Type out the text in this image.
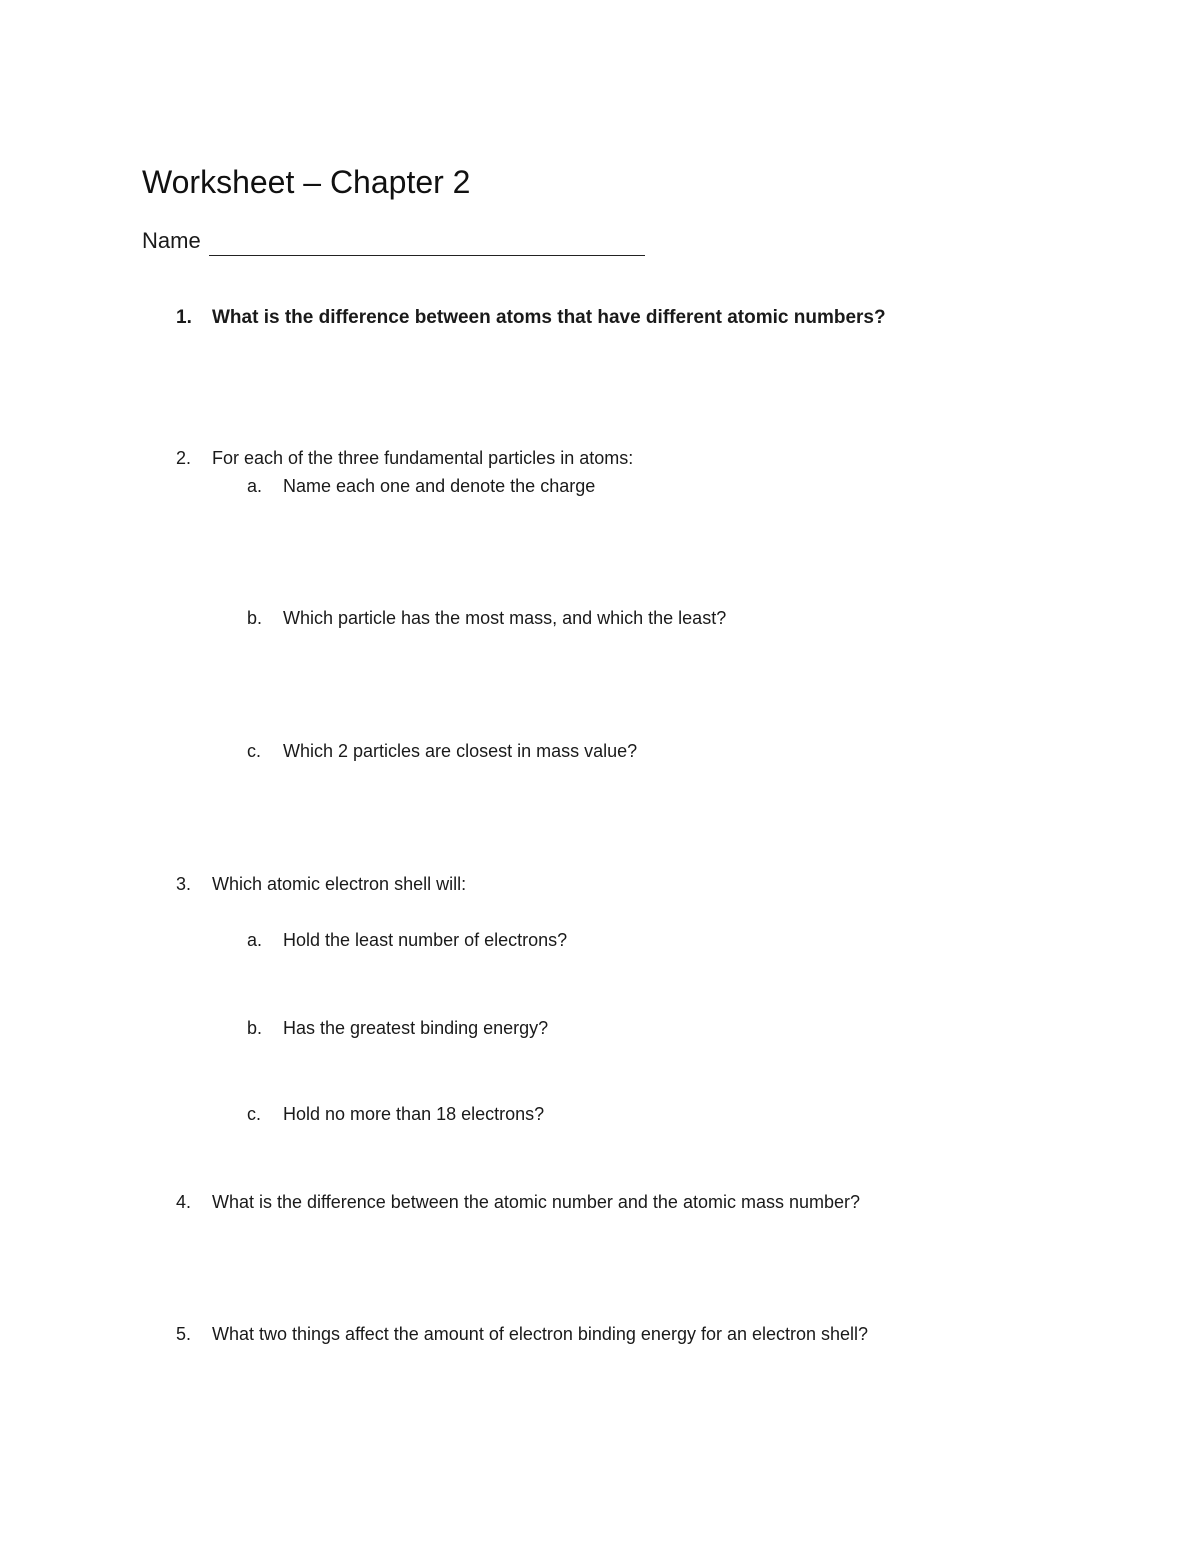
Worksheet – Chapter 2
Name
1. What is the difference between atoms that have different atomic numbers?
2. For each of the three fundamental particles in atoms:
a. Name each one and denote the charge
b. Which particle has the most mass, and which the least?
c. Which 2 particles are closest in mass value?
3. Which atomic electron shell will:
a. Hold the least number of electrons?
b. Has the greatest binding energy?
c. Hold no more than 18 electrons?
4. What is the difference between the atomic number and the atomic mass number?
5. What two things affect the amount of electron binding energy for an electron shell?
